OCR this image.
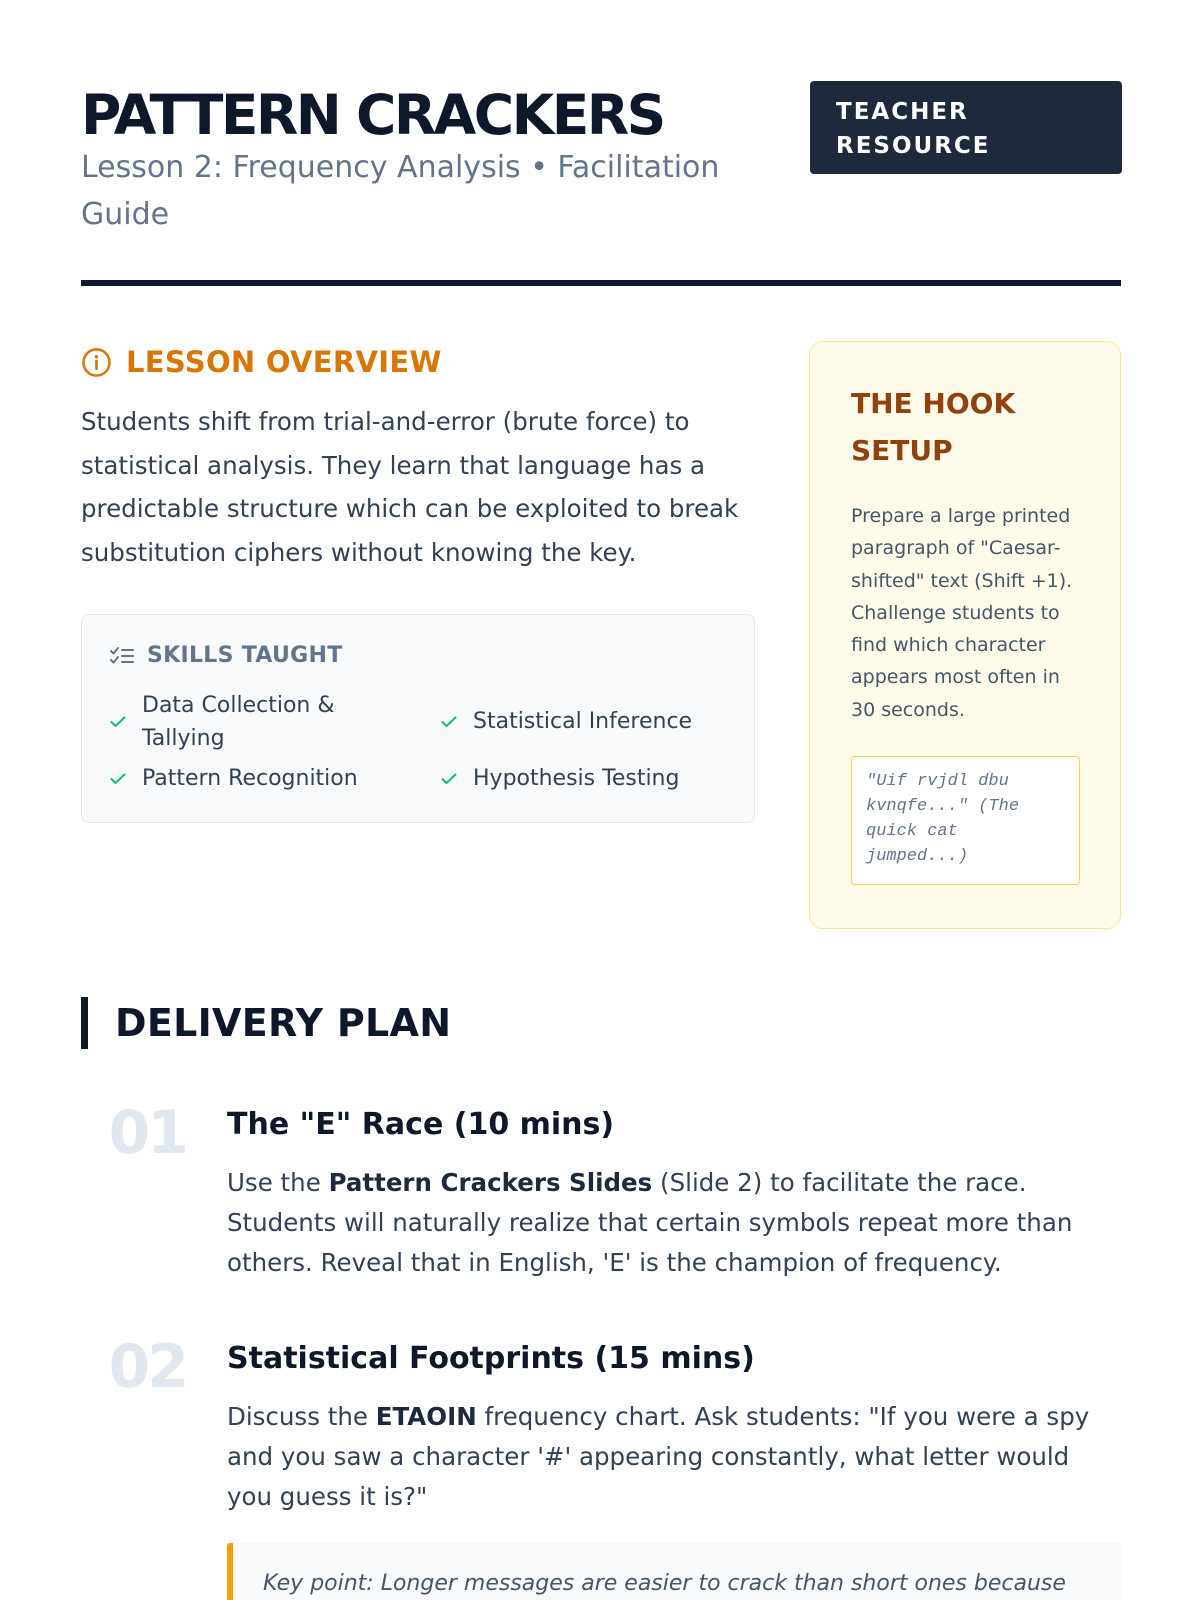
PATTERN CRACKERS
Lesson 2: Frequency Analysis • Facilitation Guide
TEACHER
RESOURCE
LESSON OVERVIEW

Students shift from trial-and-error (brute force) to statistical analysis. They learn that language has a predictable structure which can be exploited to break substitution ciphers without knowing the key.

SKILLS TAUGHT
Data Collection & Tallying
Statistical Inference
Pattern Recognition	Hypothesis Testing
THE HOOK SETUP

Prepare a large printed paragraph of "Caesar-shifted" text (Shift +1). Challenge students to find which character appears most often in 30 seconds.

"Uif rvjdl dbu kvnqfe..." (The quick cat jumped...)
DELIVERY PLAN
01 The "E" Race (10 mins)

Use the Pattern Crackers Slides (Slide 2) to facilitate the race. Students will naturally realize that certain symbols repeat more than others. Reveal that in English, 'E' is the champion of frequency.

02 Statistical Footprints (15 mins)

Discuss the ETAOIN frequency chart. Ask students: "If you were a spy and you saw a character '#' appearing constantly, what letter would you guess it is?"

Key point: Longer messages are easier to crack than short ones because
